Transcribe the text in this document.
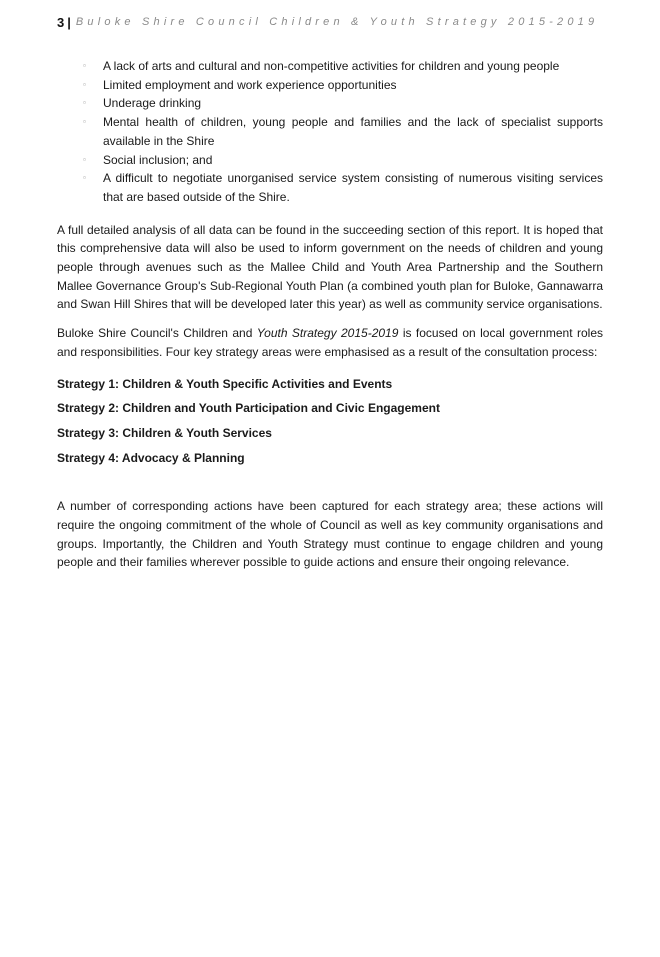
3 | Buloke Shire Council Children & Youth Strategy 2015-2019
▫ A lack of arts and cultural and non-competitive activities for children and young people
▫ Limited employment and work experience opportunities
▫ Underage drinking
▫ Mental health of children, young people and families and the lack of specialist supports available in the Shire
▫ Social inclusion; and
▫ A difficult to negotiate unorganised service system consisting of numerous visiting services that are based outside of the Shire.

A full detailed analysis of all data can be found in the succeeding section of this report. It is hoped that this comprehensive data will also be used to inform government on the needs of children and young people through avenues such as the Mallee Child and Youth Area Partnership and the Southern Mallee Governance Group's Sub-Regional Youth Plan (a combined youth plan for Buloke, Gannawarra and Swan Hill Shires that will be developed later this year) as well as community service organisations.

Buloke Shire Council's Children and Youth Strategy 2015-2019 is focused on local government roles and responsibilities. Four key strategy areas were emphasised as a result of the consultation process:

Strategy 1: Children & Youth Specific Activities and Events

Strategy 2: Children and Youth Participation and Civic Engagement

Strategy 3: Children & Youth Services

Strategy 4: Advocacy & Planning

A number of corresponding actions have been captured for each strategy area; these actions will require the ongoing commitment of the whole of Council as well as key community organisations and groups. Importantly, the Children and Youth Strategy must continue to engage children and young people and their families wherever possible to guide actions and ensure their ongoing relevance.
